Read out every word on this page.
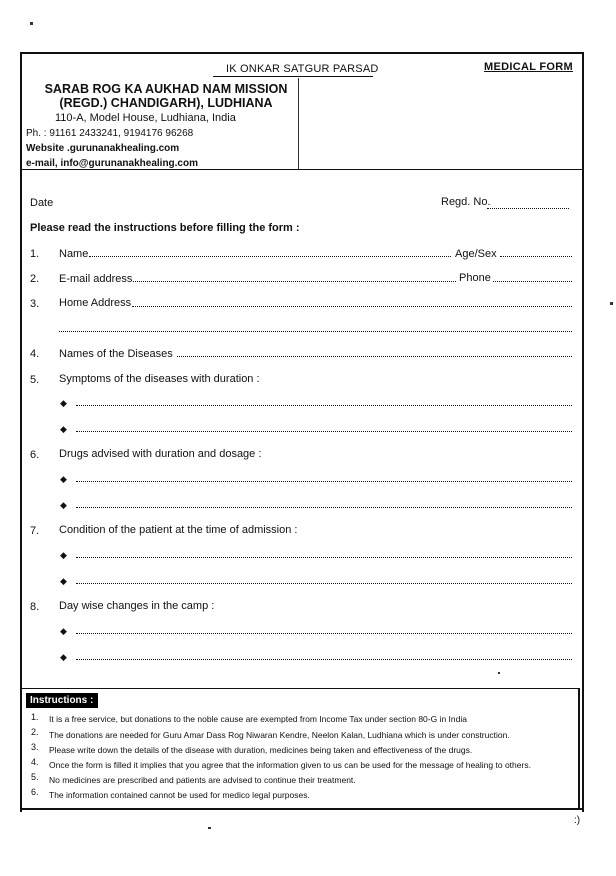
IK ONKAR SATGUR PARSAD	MEDICAL FORM
SARAB ROG KA AUKHAD NAM MISSION
(REGD.) CHANDIGARH), LUDHIANA
110-A, Model House, Ludhiana, India
Ph. : 91161 2433241, 9194176 96268
Website .gurunanakhealing.com
e-mail, info@gurunanakhealing.com
Date	Regd. No.
Please read the instructions before filling the form :
1. Name	Age/Sex
2. E-mail address	Phone
3. Home Address
4. Names of the Diseases
5. Symptoms of the diseases with duration :
◆
◆
6. Drugs advised with duration and dosage :
◆
◆
7. Condition of the patient at the time of admission :
◆
◆
8. Day wise changes in the camp :
◆
◆
Instructions :
1. It is a free service, but donations to the noble cause are exempted from Income Tax under section 80-G in India
2. The donations are needed for Guru Amar Dass Rog Niwaran Kendre, Neelon Kalan, Ludhiana which is under construction.
3. Please write down the details of the disease with duration, medicines being taken and effectiveness of the drugs.
4. Once the form is filled it implies that you agree that the information given to us can be used for the message of healing to others.
5. No medicines are prescribed and patients are advised to continue their treatment.
6. The information contained cannot be used for medico legal purposes.
:)
